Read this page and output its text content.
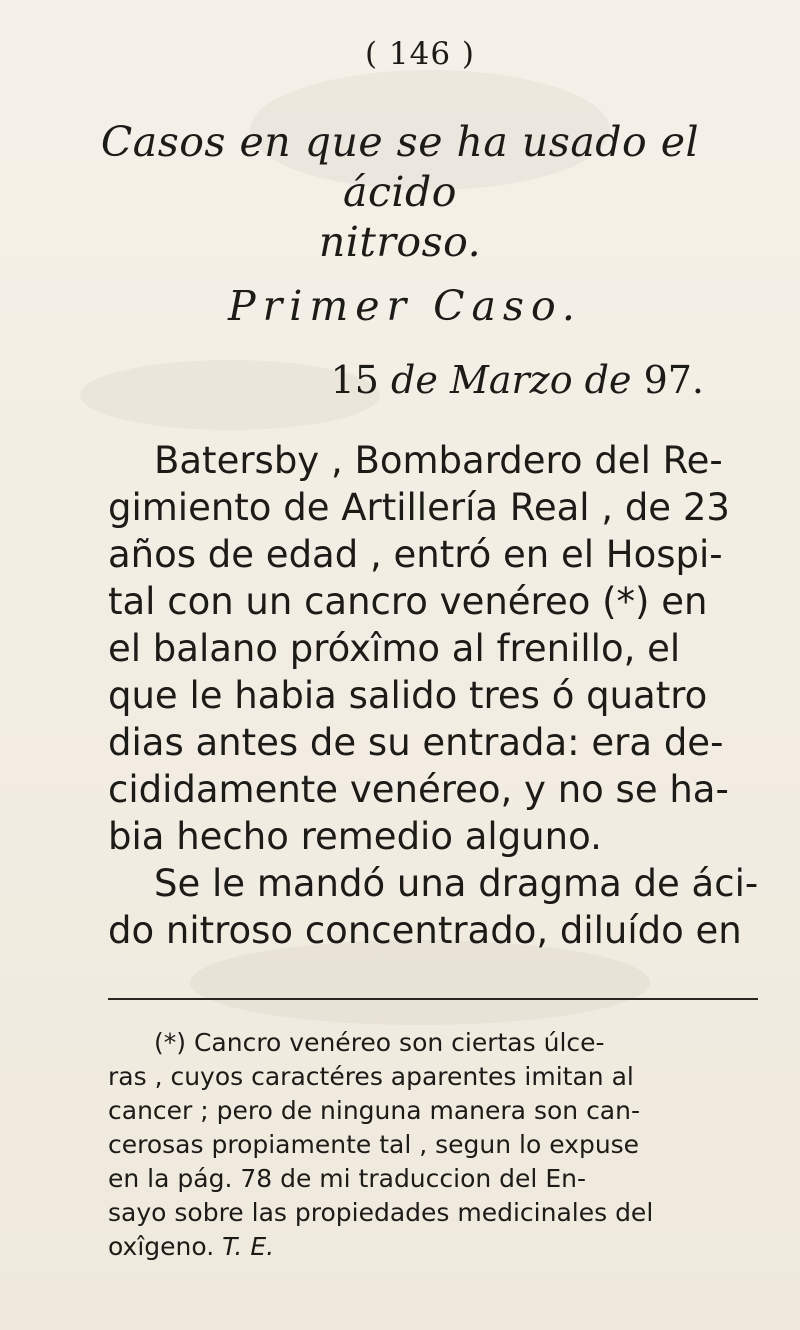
( 146 )
Casos en que se ha usado el ácido
nitroso.
Primer Caso.
15 de Marzo de 97.
Batersby , Bombardero del Re-
gimiento de Artillería Real , de 23
años de edad , entró en el Hospi-
tal con un cancro venéreo (*) en
el balano próxîmo al frenillo, el
que le habia salido tres ó quatro
dias antes de su entrada: era de-
cididamente venéreo, y no se ha-
bia hecho remedio alguno.
Se le mandó una dragma de áci-
do nitroso concentrado, diluído en
(*) Cancro venéreo son ciertas úlce-
ras , cuyos caractéres aparentes imitan al
cancer ; pero de ninguna manera son can-
cerosas propiamente tal , segun lo expuse
en la pág. 78 de mi traduccion del En-
sayo sobre las propiedades medicinales del
oxîgeno. T. E.
